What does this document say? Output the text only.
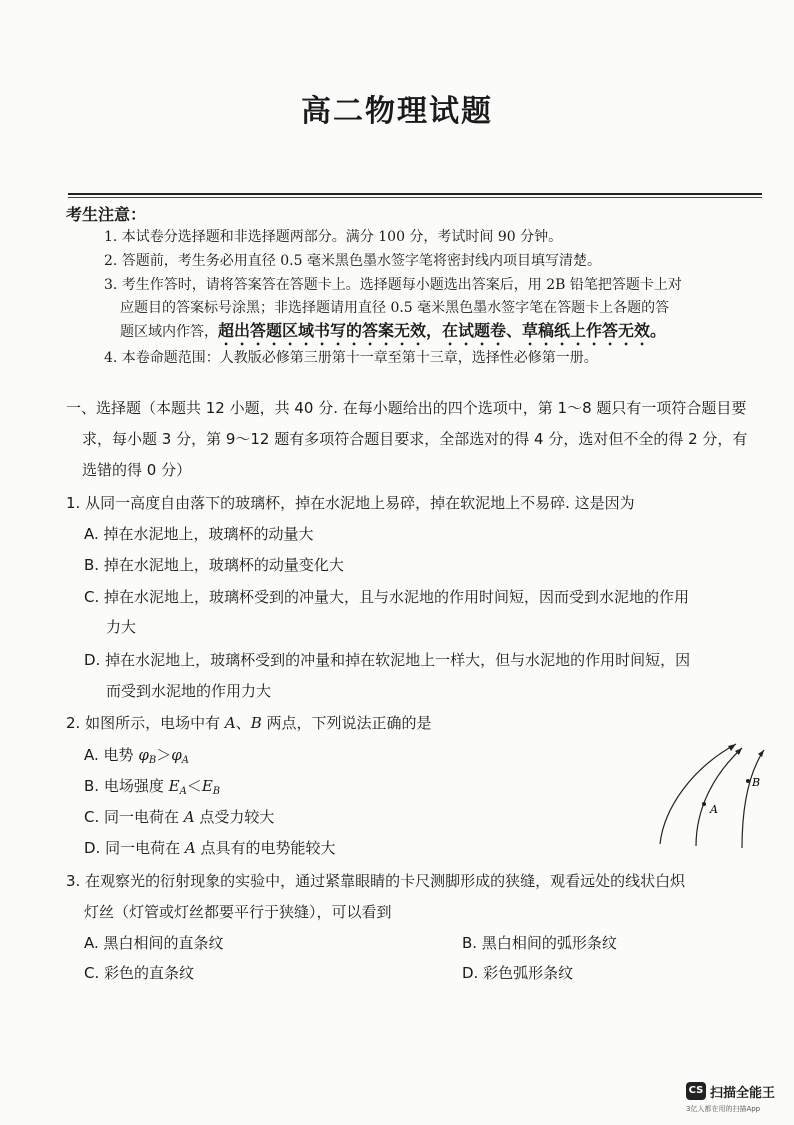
高二物理试题
考生注意：
1. 本试卷分选择题和非选择题两部分。满分 100 分，考试时间 90 分钟。
2. 答题前，考生务必用直径 0.5 毫米黑色墨水签字笔将密封线内项目填写清楚。
3. 考生作答时，请将答案答在答题卡上。选择题每小题选出答案后，用 2B 铅笔把答题卡上对
应题目的答案标号涂黑；非选择题请用直径 0.5 毫米黑色墨水签字笔在答题卡上各题的答
题区域内作答，超出答题区域书写的答案无效，在试题卷、草稿纸上作答无效。
4. 本卷命题范围：人教版必修第三册第十一章至第十三章，选择性必修第一册。
一、选择题（本题共 12 小题，共 40 分. 在每小题给出的四个选项中，第 1～8 题只有一项符合题目要
求，每小题 3 分，第 9～12 题有多项符合题目要求，全部选对的得 4 分，选对但不全的得 2 分，有
选错的得 0 分）
1. 从同一高度自由落下的玻璃杯，掉在水泥地上易碎，掉在软泥地上不易碎. 这是因为
A. 掉在水泥地上，玻璃杯的动量大
B. 掉在水泥地上，玻璃杯的动量变化大
C. 掉在水泥地上，玻璃杯受到的冲量大，且与水泥地的作用时间短，因而受到水泥地的作用
力大
D. 掉在水泥地上，玻璃杯受到的冲量和掉在软泥地上一样大，但与水泥地的作用时间短，因
而受到水泥地的作用力大
2. 如图所示，电场中有 A、B 两点，下列说法正确的是
A. 电势 $\varphi_B>\varphi_A$
B. 电场强度 $E_A<E_B$
C. 同一电荷在 A 点受力较大
D. 同一电荷在 A 点具有的电势能较大
A
B
3. 在观察光的衍射现象的实验中，通过紧靠眼睛的卡尺测脚形成的狭缝，观看远处的线状白炽
灯丝（灯管或灯丝都要平行于狭缝），可以看到
A. 黑白相间的直条纹	B. 黑白相间的弧形条纹
C. 彩色的直条纹	D. 彩色弧形条纹
CS 扫描全能王
3亿人都在用的扫描App
